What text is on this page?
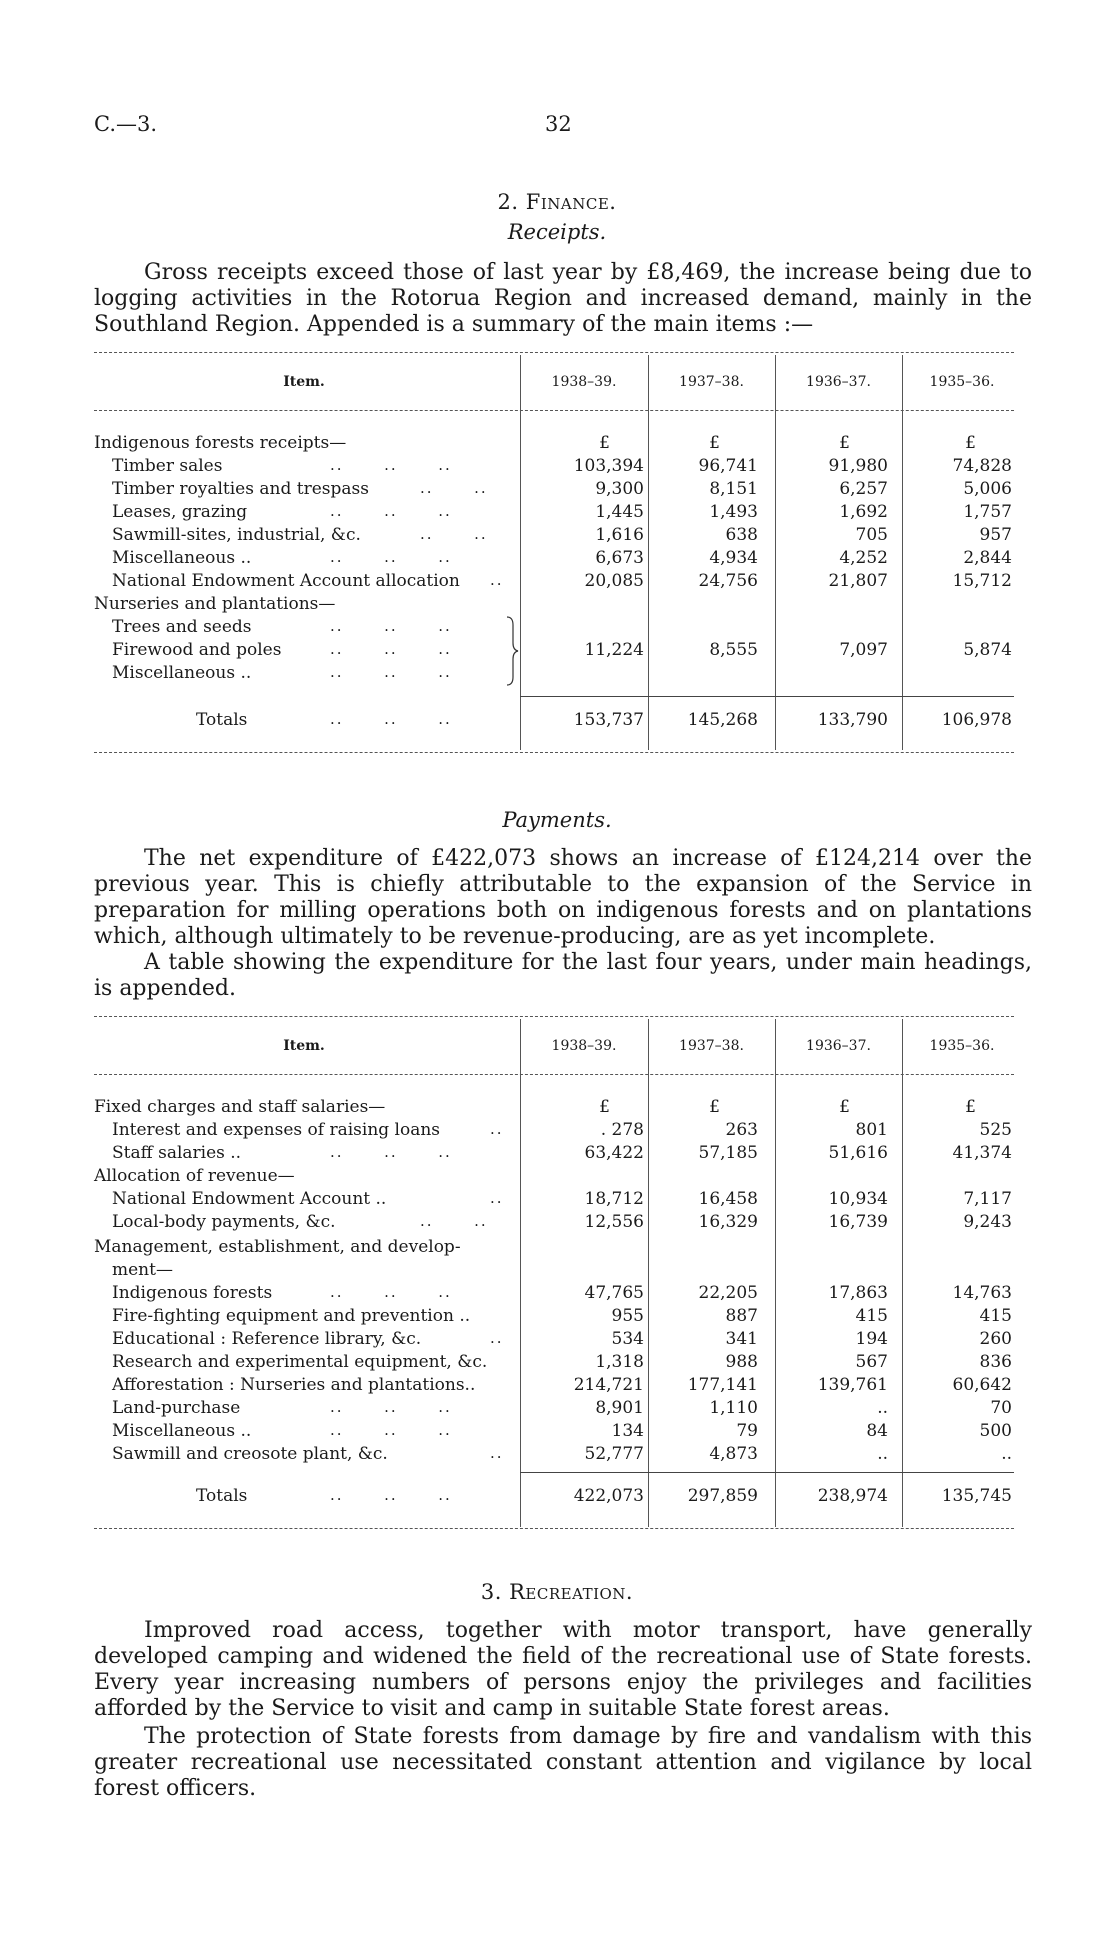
C.—3.	32
2. Finance.
Receipts.
Gross receipts exceed those of last year by £8,469, the increase being due to logging activities in the Rotorua Region and increased demand, mainly in the Southland Region. Appended is a summary of the main items :—
Item.	1938–39.	1937–38.	1936–37.	1935–36.
Indigenous forests receipts—	£	£	£	£
Timber sales	..      ..      ..	103,394	96,741	91,980	74,828
Timber royalties and trespass	..      ..	9,300	8,151	6,257	5,006
Leases, grazing	..      ..      ..	1,445	1,493	1,692	1,757
Sawmill-sites, industrial, &c.	..      ..	1,616	638	705	957
Miscellaneous ..	..      ..      ..	6,673	4,934	4,252	2,844
National Endowment Account allocation ..	20,085	24,756	21,807	15,712
Nurseries and plantations—
Trees and seeds	..      ..      ..
Firewood and poles	..      ..      ..
Miscellaneous ..	..      ..      ..
11,224	8,555	7,097	5,874
Totals	..      ..      ..	153,737	145,268	133,790	106,978
Payments.
The net expenditure of £422,073 shows an increase of £124,214 over the previous year. This is chiefly attributable to the expansion of the Service in preparation for milling operations both on indigenous forests and on plantations which, although ultimately to be revenue-producing, are as yet incomplete.
A table showing the expenditure for the last four years, under main headings, is appended.
Item.	1938–39.	1937–38.	1936–37.	1935–36.
Fixed charges and staff salaries—	£	£	£	£
Interest and expenses of raising loans	..	. 278	263	801	525
Staff salaries ..	..      ..      ..	63,422	57,185	51,616	41,374
Allocation of revenue—
National Endowment Account ..	..	18,712	16,458	10,934	7,117
Local-body payments, &c.	..      ..	12,556	16,329	16,739	9,243
Management, establishment, and develop-
ment—
Indigenous forests	..      ..      ..	47,765	22,205	17,863	14,763
Fire-fighting equipment and prevention ..	955	887	415	415
Educational : Reference library, &c.	..	534	341	194	260
Research and experimental equipment, &c.	1,318	988	567	836
Afforestation : Nurseries and plantations..	214,721	177,141	139,761	60,642
Land-purchase	..      ..      ..	8,901	1,110	..	70
Miscellaneous ..	..      ..      ..	134	79	84	500
Sawmill and creosote plant, &c.	..	52,777	4,873	..	..
Totals	..      ..      ..	422,073	297,859	238,974	135,745
3. Recreation.
Improved road access, together with motor transport, have generally developed camping and widened the field of the recreational use of State forests. Every year increasing numbers of persons enjoy the privileges and facilities afforded by the Service to visit and camp in suitable State forest areas.
The protection of State forests from damage by fire and vandalism with this greater recreational use necessitated constant attention and vigilance by local forest officers.
